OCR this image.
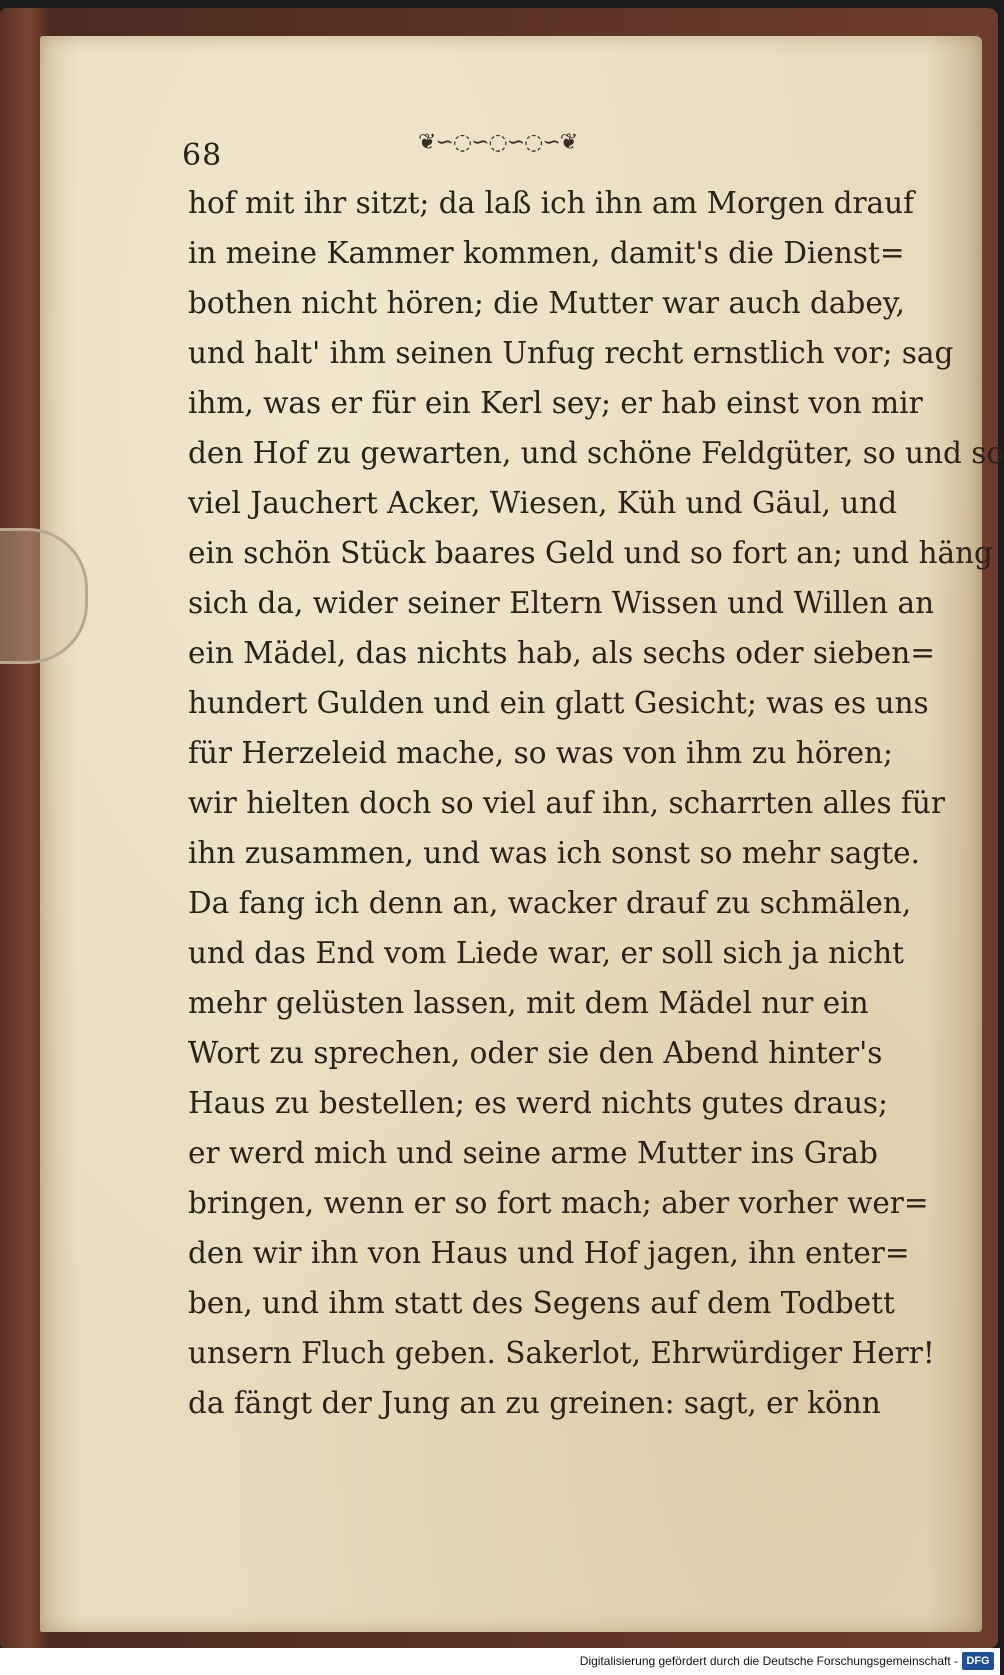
68	❦∽◌∽◌∽◌∽❦
hof mit ihr sitzt; da laß ich ihn am Morgen drauf
in meine Kammer kommen, damit's die Dienst=
bothen nicht hören; die Mutter war auch dabey,
und halt' ihm seinen Unfug recht ernstlich vor; sag
ihm, was er für ein Kerl sey; er hab einst von mir
den Hof zu gewarten, und schöne Feldgüter, so und so
viel Jauchert Acker, Wiesen, Küh und Gäul, und
ein schön Stück baares Geld und so fort an; und häng
sich da, wider seiner Eltern Wissen und Willen an
ein Mädel, das nichts hab, als sechs oder sieben=
hundert Gulden und ein glatt Gesicht; was es uns
für Herzeleid mache, so was von ihm zu hören;
wir hielten doch so viel auf ihn, scharrten alles für
ihn zusammen, und was ich sonst so mehr sagte.
Da fang ich denn an, wacker drauf zu schmälen,
und das End vom Liede war, er soll sich ja nicht
mehr gelüsten lassen, mit dem Mädel nur ein
Wort zu sprechen, oder sie den Abend hinter's
Haus zu bestellen; es werd nichts gutes draus;
er werd mich und seine arme Mutter ins Grab
bringen, wenn er so fort mach; aber vorher wer=
den wir ihn von Haus und Hof jagen, ihn enter=
ben, und ihm statt des Segens auf dem Todbett
unsern Fluch geben. Sakerlot, Ehrwürdiger Herr!
da fängt der Jung an zu greinen: sagt, er könn
Digitalisierung gefördert durch die Deutsche Forschungsgemeinschaft - DFG
